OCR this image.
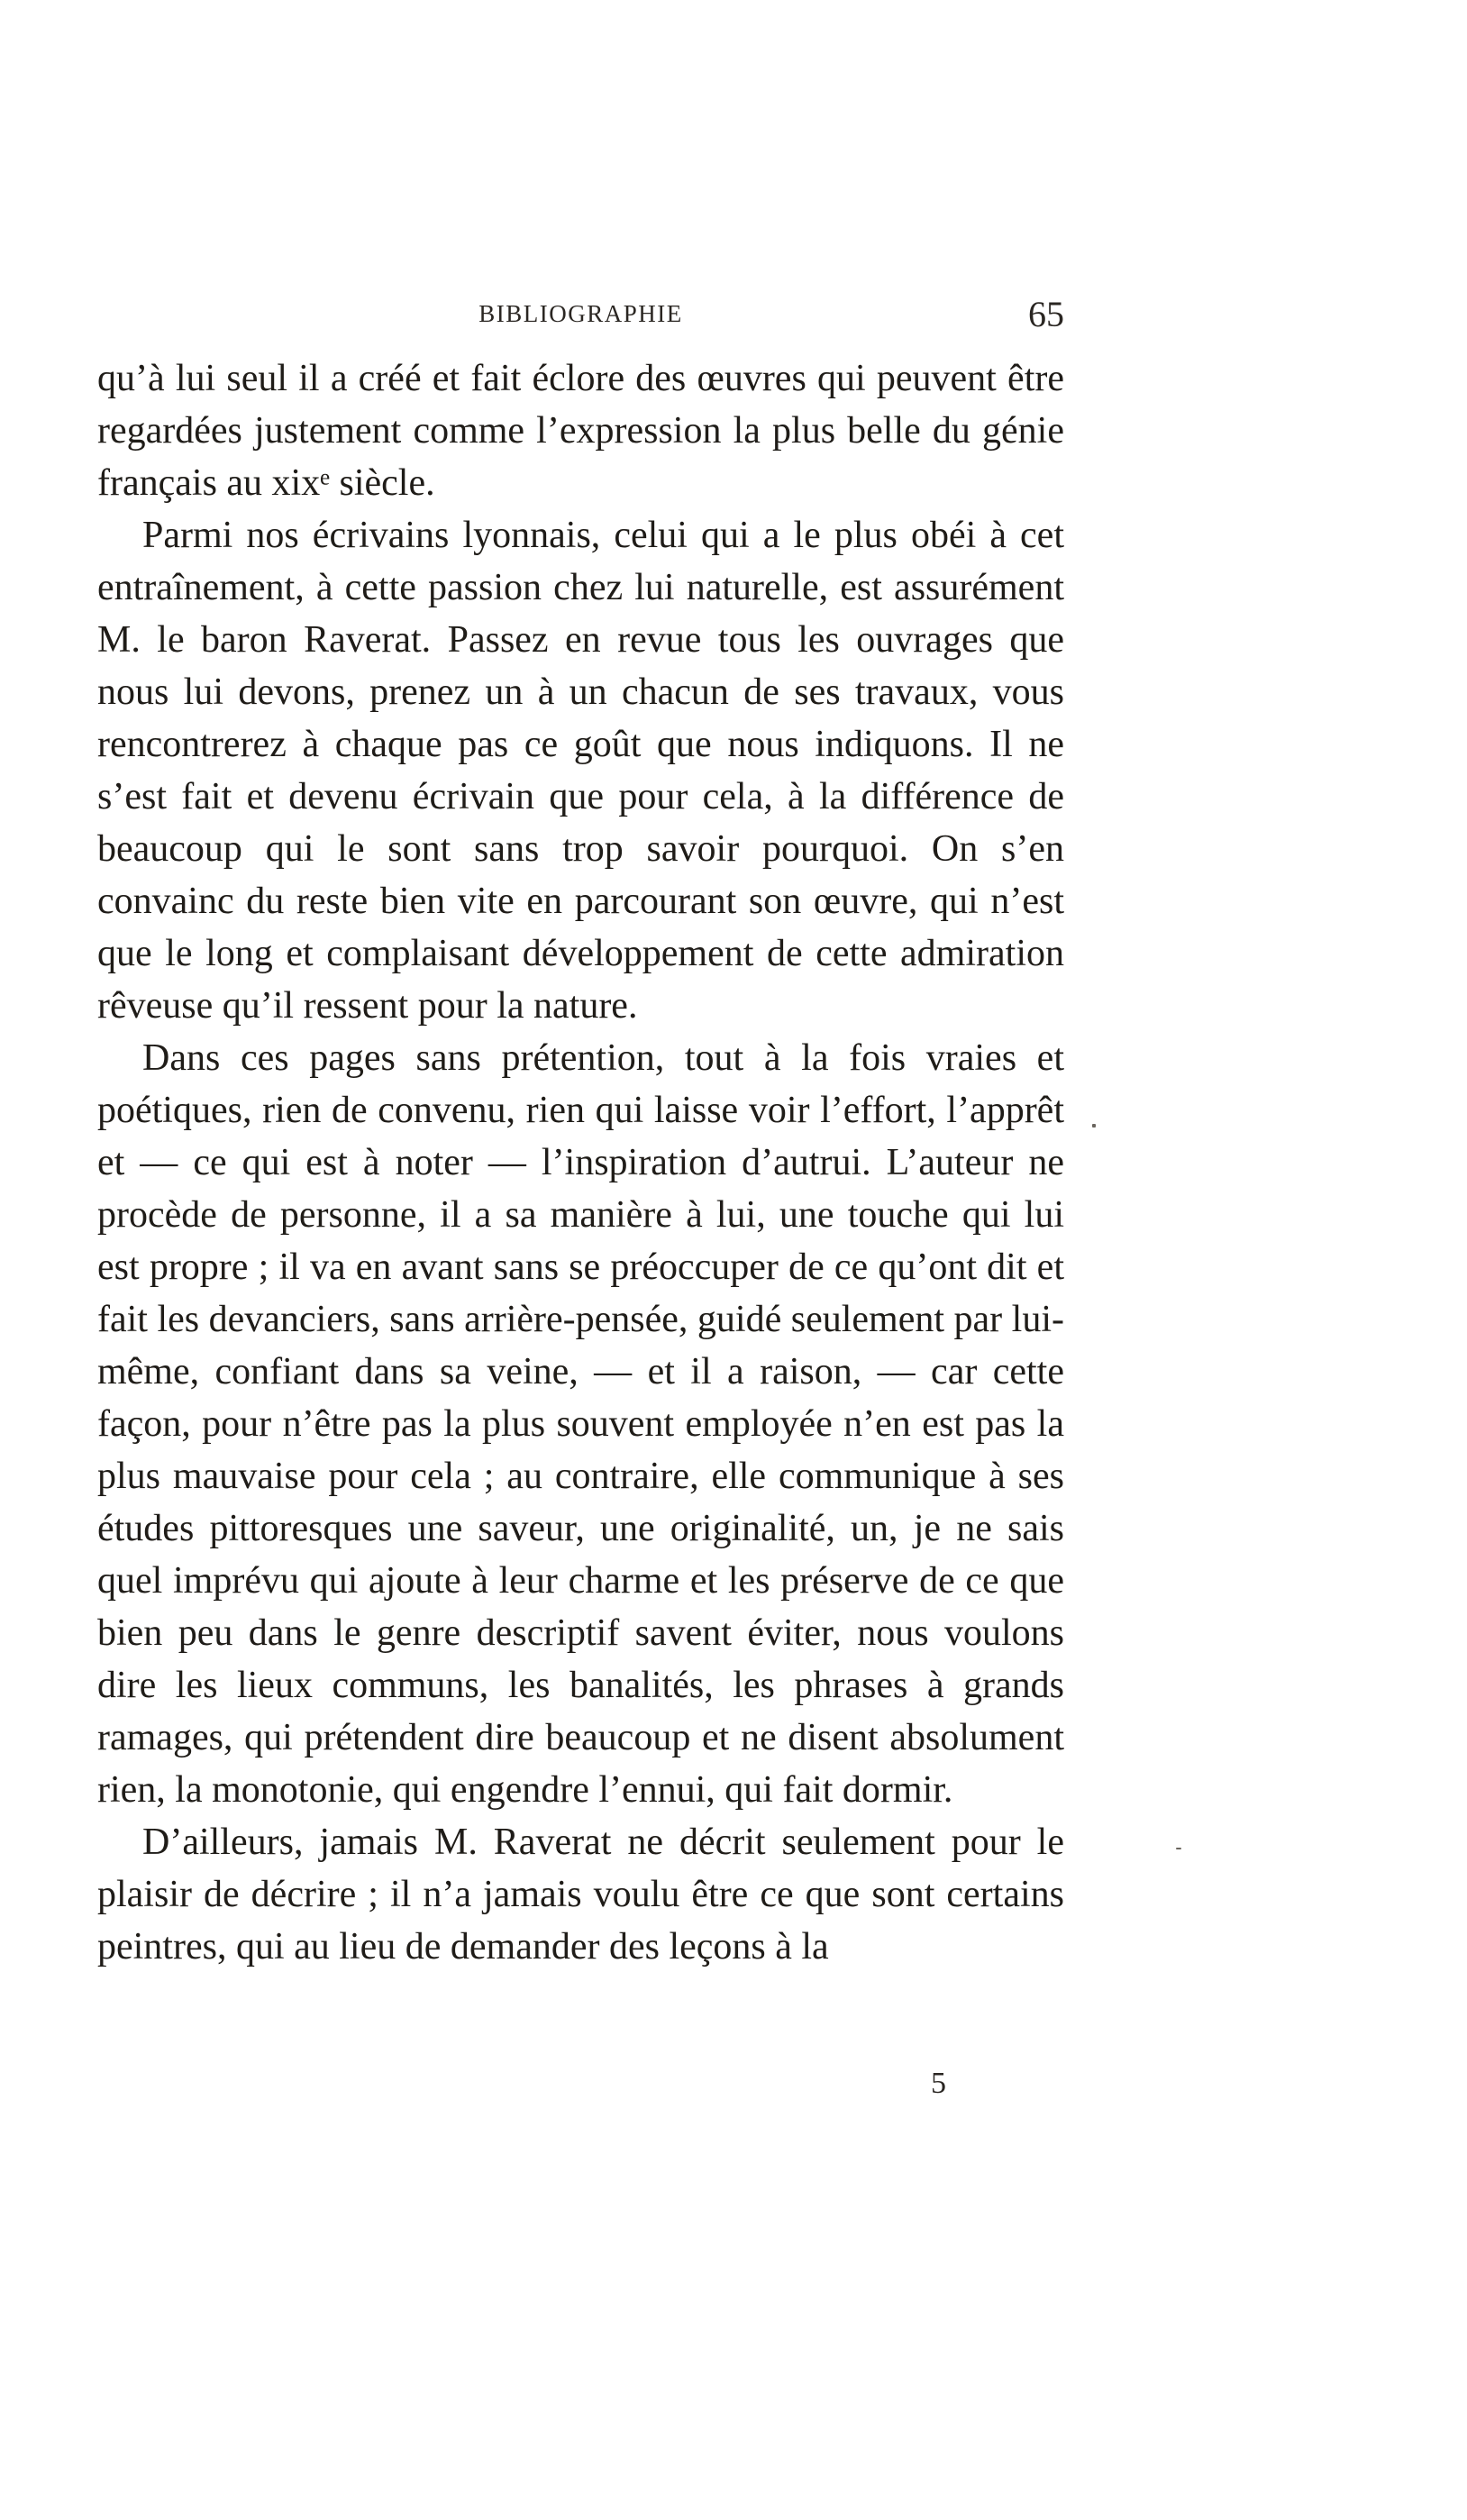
BIBLIOGRAPHIE	65

qu’à lui seul il a créé et fait éclore des œuvres qui peuvent être regardées justement comme l’expression la plus belle du génie français au xixᵉ siècle.

Parmi nos écrivains lyonnais, celui qui a le plus obéi à cet entraînement, à cette passion chez lui naturelle, est assurément M. le baron Raverat. Passez en revue tous les ouvrages que nous lui devons, prenez un à un chacun de ses travaux, vous rencontrerez à chaque pas ce goût que nous indiquons. Il ne s’est fait et devenu écrivain que pour cela, à la différence de beaucoup qui le sont sans trop savoir pourquoi. On s’en convainc du reste bien vite en parcourant son œuvre, qui n’est que le long et complaisant développement de cette admiration rêveuse qu’il ressent pour la nature.

Dans ces pages sans prétention, tout à la fois vraies et poétiques, rien de convenu, rien qui laisse voir l’effort, l’apprêt et — ce qui est à noter — l’inspiration d’autrui. L’auteur ne procède de personne, il a sa manière à lui, une touche qui lui est propre ; il va en avant sans se préoccuper de ce qu’ont dit et fait les devanciers, sans arrière-pensée, guidé seulement par lui-même, confiant dans sa veine, — et il a raison, — car cette façon, pour n’être pas la plus souvent employée n’en est pas la plus mauvaise pour cela ; au contraire, elle communique à ses études pittoresques une saveur, une originalité, un, je ne sais quel imprévu qui ajoute à leur charme et les préserve de ce que bien peu dans le genre descriptif savent éviter, nous voulons dire les lieux communs, les banalités, les phrases à grands ramages, qui prétendent dire beaucoup et ne disent absolument rien, la monotonie, qui engendre l’ennui, qui fait dormir.

D’ailleurs, jamais M. Raverat ne décrit seulement pour le plaisir de décrire ; il n’a jamais voulu être ce que sont certains peintres, qui au lieu de demander des leçons à la

5
